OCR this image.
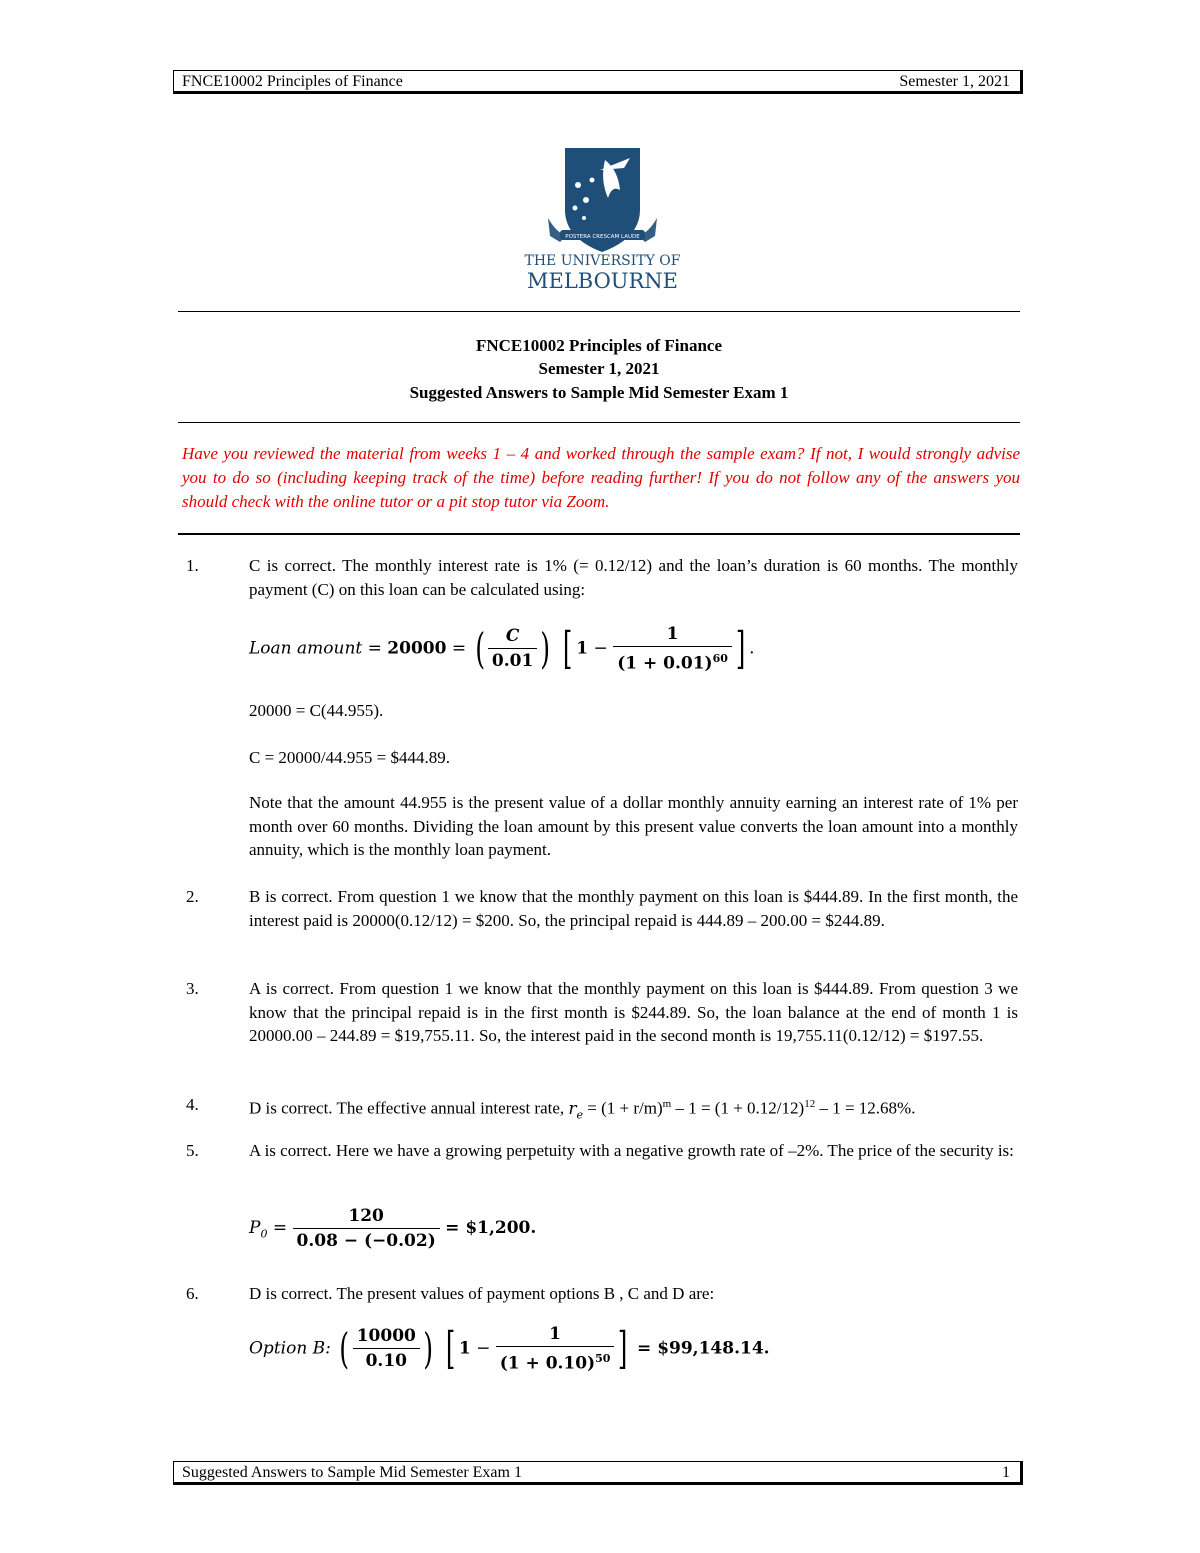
FNCE10002 Principles of Finance	Semester 1, 2021
POSTERA CRESCAM LAUDE
THE UNIVERSITY OF
MELBOURNE
FNCE10002 Principles of Finance
Semester 1, 2021
Suggested Answers to Sample Mid Semester Exam 1
Have you reviewed the material from weeks 1 – 4 and worked through the sample exam? If not, I would strongly advise you to do so (including keeping track of the time) before reading further! If you do not follow any of the answers you should check with the online tutor or a pit stop tutor via Zoom.
1.	C is correct. The monthly interest rate is 1% (= 0.12/12) and the loan’s duration is 60 months. The monthly payment (C) on this loan can be calculated using:
Loan amount = 20000 = ( $\frac{C}{0.01}$ ) [ $1 - \frac{1}{(1 + 0.01)^{60}}$ ] .
20000 = C(44.955).
C = 20000/44.955 = $444.89.
Note that the amount 44.955 is the present value of a dollar monthly annuity earning an interest rate of 1% per month over 60 months. Dividing the loan amount by this present value converts the loan amount into a monthly annuity, which is the monthly loan payment.
2.	B is correct. From question 1 we know that the monthly payment on this loan is $444.89. In the first month, the interest paid is 20000(0.12/12) = $200. So, the principal repaid is 444.89 – 200.00 = $244.89.
3.	A is correct. From question 1 we know that the monthly payment on this loan is $444.89. From question 3 we know that the principal repaid is in the first month is $244.89. So, the loan balance at the end of month 1 is 20000.00 – 244.89 = $19,755.11. So, the interest paid in the second month is 19,755.11(0.12/12) = $197.55.
4.	D is correct. The effective annual interest rate, $r_e = (1 + r/m)^m - 1 = (1 + 0.12/12)^{12} - 1 = 12.68\%$.
5.	A is correct. Here we have a growing perpetuity with a negative growth rate of –2%. The price of the security is:
$P_0 = \frac{120}{0.08 - (-0.02)}$ = $1,200.
6.	D is correct. The present values of payment options B , C and D are:
Option B: ( $\frac{10000}{0.10}$ ) [ $1 - \frac{1}{(1 + 0.10)^{50}}$ ] = $99,148.14.
Suggested Answers to Sample Mid Semester Exam 1	1
